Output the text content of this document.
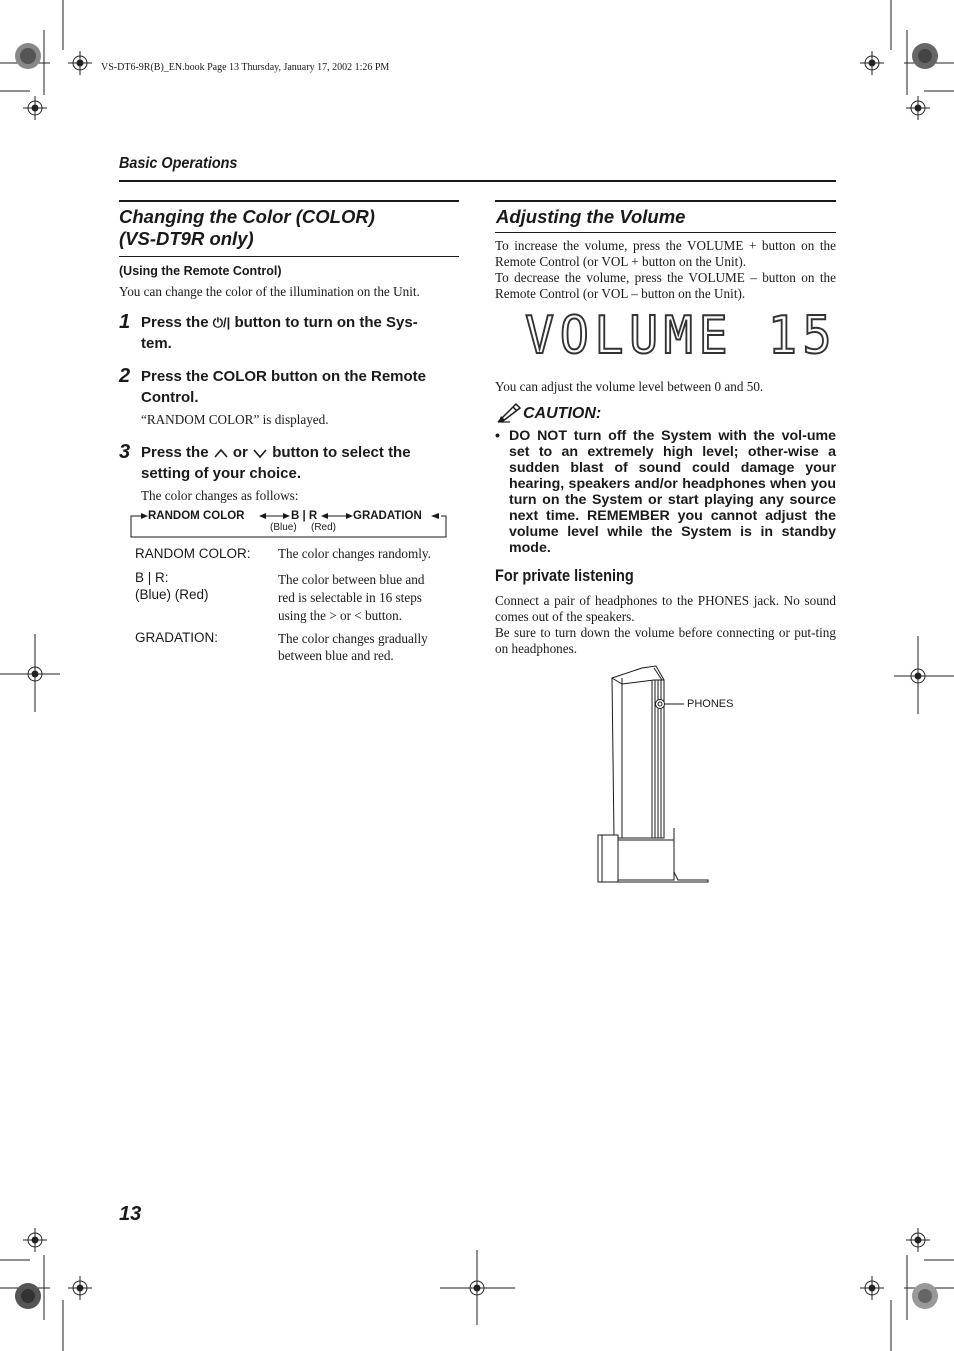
VS-DT6-9R(B)_EN.book Page 13 Thursday, January 17, 2002 1:26 PM
Basic Operations
Changing the Color (COLOR)
(VS-DT9R only)
(Using the Remote Control)
You can change the color of the illumination on the Unit.
1 Press the ⏻/| button to turn on the Sys-
tem.
2 Press the COLOR button on the Remote
Control.
“RANDOM COLOR” is displayed.
3 Press the or button to select the
setting of your choice.
The color changes as follows:
RANDOM COLOR	B | R	GRADATION
(Blue) (Red)
RANDOM COLOR: The color changes randomly.
B | R:
(Blue) (Red)
The color between blue and
red is selectable in 16 steps
using the > or < button.
GRADATION:	The color changes gradually
between blue and red.
Adjusting the Volume
To increase the volume, press the VOLUME + button on the Remote Control (or VOL + button on the Unit).
To decrease the volume, press the VOLUME – button on the Remote Control (or VOL – button on the Unit).
VOLUME 15
You can adjust the volume level between 0 and 50.
CAUTION:
• DO NOT turn off the System with the vol-ume set to an extremely high level; other-wise a sudden blast of sound could damage your hearing, speakers and/or headphones when you turn on the System or start playing any source next time. REMEMBER you cannot adjust the volume level while the System is in standby mode.
For private listening
Connect a pair of headphones to the PHONES jack. No sound comes out of the speakers.
Be sure to turn down the volume before connecting or put-ting on headphones.
PHONES
13
